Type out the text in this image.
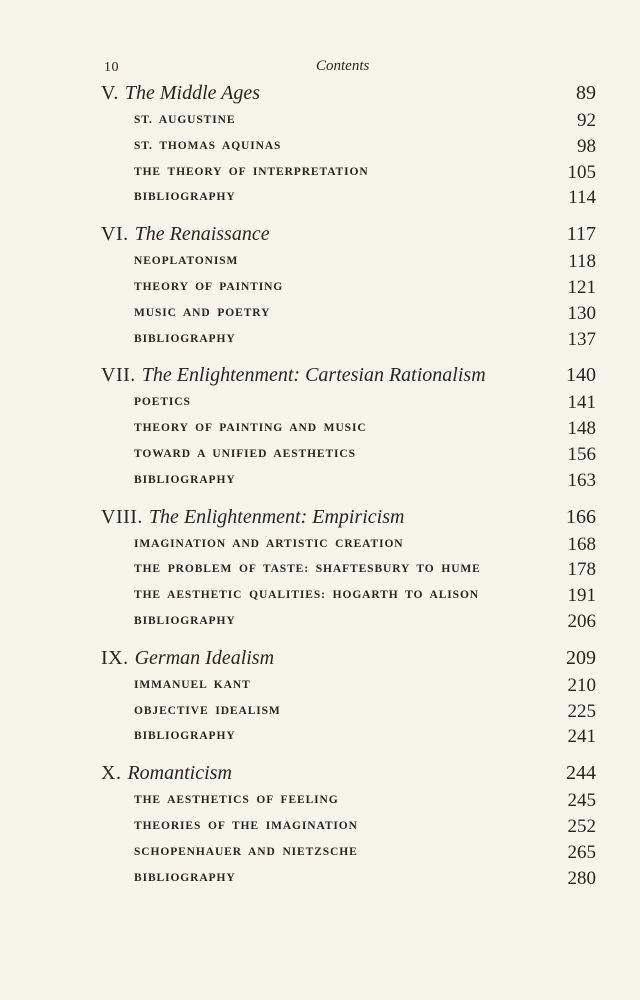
10	Contents
V. The Middle Ages	89
ST. AUGUSTINE	92
ST. THOMAS AQUINAS	98
THE THEORY OF INTERPRETATION	105
BIBLIOGRAPHY	114
VI. The Renaissance	117
NEOPLATONISM	118
THEORY OF PAINTING	121
MUSIC AND POETRY	130
BIBLIOGRAPHY	137
VII. The Enlightenment: Cartesian Rationalism	140
POETICS	141
THEORY OF PAINTING AND MUSIC	148
TOWARD A UNIFIED AESTHETICS	156
BIBLIOGRAPHY	163
VIII. The Enlightenment: Empiricism	166
IMAGINATION AND ARTISTIC CREATION	168
THE PROBLEM OF TASTE: SHAFTESBURY TO HUME	178
THE AESTHETIC QUALITIES: HOGARTH TO ALISON	191
BIBLIOGRAPHY	206
IX. German Idealism	209
IMMANUEL KANT	210
OBJECTIVE IDEALISM	225
BIBLIOGRAPHY	241
X. Romanticism	244
THE AESTHETICS OF FEELING	245
THEORIES OF THE IMAGINATION	252
SCHOPENHAUER AND NIETZSCHE	265
BIBLIOGRAPHY	280
